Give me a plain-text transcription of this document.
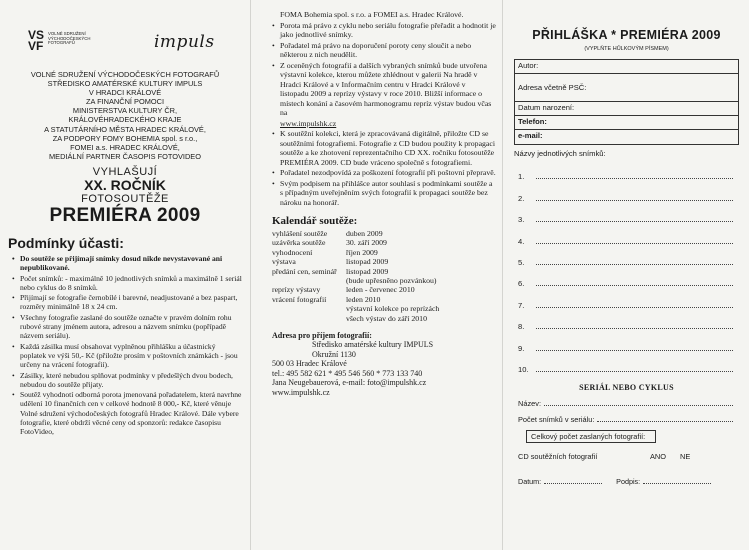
VS
VF
VOLNÉ SDRUŽENÍ
VÝCHODOČESKÝCH
FOTOGRAFŮ	impuls
VOLNÉ SDRUŽENÍ VÝCHODOČESKÝCH FOTOGRAFŮ
STŘEDISKO AMATÉRSKÉ KULTURY IMPULS
V HRADCI KRÁLOVÉ
ZA FINANČNÍ POMOCI
MINISTERSTVA KULTURY ČR,
KRÁLOVÉHRADECKÉHO KRAJE
A STATUTÁRNÍHO MĚSTA HRADEC KRÁLOVÉ,
ZA PODPORY FOMY BOHEMIA spol. s r.o.,
FOMEI a.s. HRADEC KRÁLOVÉ,
MEDIÁLNÍ PARTNER ČASOPIS FOTOVIDEO
VYHLAŠUJÍ
XX. ROČNÍK
FOTOSOUTĚŽE
PREMIÉRA 2009
Podmínky účasti:
• Do soutěže se přijímají snímky dosud nikde nevystavované ani nepublikované.
• Počet snímků: - maximálně 10 jednotlivých snímků a maximálně 1 seriál nebo cyklus do 8 snímků.
• Přijímají se fotografie černobílé i barevné, neadjustované a bez paspart, rozměry minimálně 18 x 24 cm.
• Všechny fotografie zaslané do soutěže označte v pravém dolním rohu rubové strany jménem autora, adresou a názvem snímku (popřípadě názvem seriálu).
• Každá zásilka musí obsahovat vyplněnou přihlášku a účastnický poplatek ve výši 50,- Kč (přiložte prosím v poštovních známkách - jsou určeny na vrácení fotografií).
• Zásilky, které nebudou splňovat podmínky v předešlých dvou bodech, nebudou do soutěže přijaty.
• Soutěž vyhodnotí odborná porota jmenovaná pořadatelem, která navrhne udělení 10 finančních cen v celkové hodnotě 8 000,- Kč, které věnuje Volné sdružení východočeských fotografů Hradec Králové. Dále vybere fotografie, které obdrží věcné ceny od sponzorů: redakce časopisu FotoVideo,
FOMA Bohemia spol. s r.o. a FOMEI a.s. Hradec Králové.
• Porota má právo z cyklu nebo seriálu fotografie přeřadit a hodnotit je jako jednotlivé snímky.
• Pořadatel má právo na doporučení poroty ceny sloučit a nebo některou z nich neudělit.
• Z oceněných fotografií a dalších vybraných snímků bude utvořena výstavní kolekce, kterou můžete zhlédnout v galerii Na hradě v Hradci Králové a v Informačním centru v Hradci Králové v listopadu 2009 a reprízy výstavy v roce 2010. Bližší informace o místech konání a časovém harmonogramu repríz výstav budou včas na
www.impulshk.cz
• K soutěžní kolekci, která je zpracovávaná digitálně, přiložte CD se soutěžními fotografiemi. Fotografie z CD budou použity k propagaci soutěže a ke zhotovení reprezentačního CD XX. ročníku fotosoutěže PREMIÉRA 2009. CD bude vráceno společně s fotografiemi.
• Pořadatel nezodpovídá za poškození fotografií při poštovní přepravě.
• Svým podpisem na přihlášce autor souhlasí s podmínkami soutěže a s případným uveřejněním svých fotografií k propagaci soutěže bez nároku na honorář.
Kalendář soutěže:
vyhlášení soutěže	duben 2009
uzávěrka soutěže	30. září 2009
vyhodnocení	říjen 2009
výstava	listopad 2009
předání cen, seminář	listopad 2009
(bude upřesněno pozvánkou)
reprízy výstavy	leden - červenec 2010
vrácení fotografií	leden 2010
výstavní kolekce po reprízách
všech výstav do září 2010
Adresa pro příjem fotografií:
Středisko amatérské kultury IMPULS
Okružní 1130
500 03 Hradec Králové
tel.: 495 582 621 * 495 546 560 * 773 133 740
Jana Neugebauerová, e-mail: foto@impulshk.cz
www.impulshk.cz
PŘIHLÁŠKA * PREMIÉRA 2009
(VYPLŇTE HŮLKOVÝM PÍSMEM)
Autor:
Adresa včetně PSČ:
Datum narození:
Telefon:
e-mail:
Názvy jednotlivých snímků:
1.
2.
3.
4.
5.
6.
7.
8.
9.
10.
SERIÁL NEBO CYKLUS
Název:
Počet snímků v seriálu:
Celkový počet zaslaných fotografií:
CD soutěžních fotografií	ANO NE
Datum:	Podpis:
